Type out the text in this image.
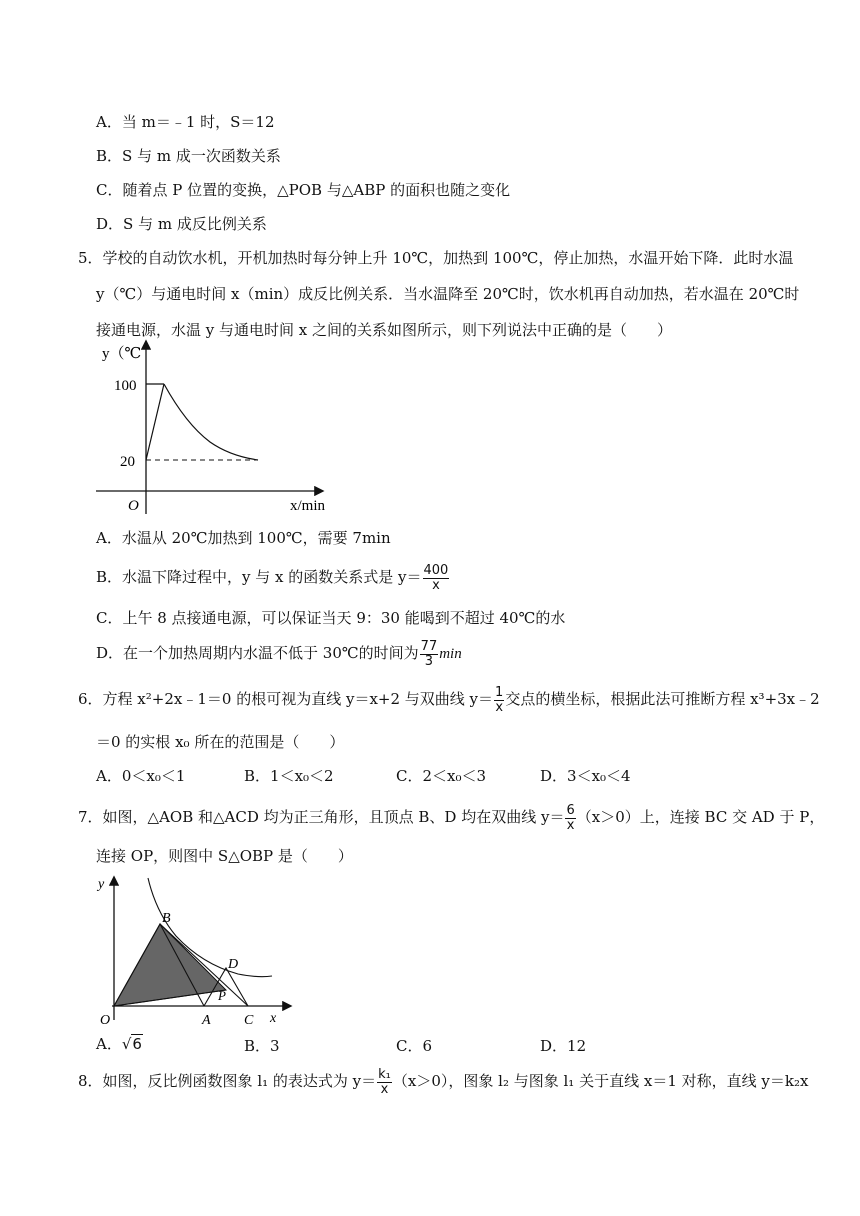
A．当 m＝﹣1 时，S＝12
B．S 与 m 成一次函数关系
C．随着点 P 位置的变换，△POB 与△ABP 的面积也随之变化
D．S 与 m 成反比例关系
5．学校的自动饮水机，开机加热时每分钟上升 10℃，加热到 100℃，停止加热，水温开始下降．此时水温
y（℃）与通电时间 x（min）成反比例关系．当水温降至 20℃时，饮水机再自动加热，若水温在 20℃时
接通电源，水温 y 与通电时间 x 之间的关系如图所示，则下列说法中正确的是（　　）
y（℃
100
20
O	x/min
A．水温从 20℃加热到 100℃，需要 7min
B．水温下降过程中，y 与 x 的函数关系式是 $y= \frac{400}{x}$
C．上午 8 点接通电源，可以保证当天 9：30 能喝到不超过 40℃的水
D．在一个加热周期内水温不低于 30℃的时间为 $\frac{77}{3}$ min
6．方程 x²+2x﹣1＝0 的根可视为直线 y＝x+2 与双曲线 $y= \frac{1}{x}$ 交点的横坐标，根据此法可推断方程 x³+3x﹣2
＝0 的实根 x₀ 所在的范围是（　　）
A．0＜x₀＜1	B．1＜x₀＜2	C．2＜x₀＜3	D．3＜x₀＜4
7．如图，△AOB 和△ACD 均为正三角形，且顶点 B、D 均在双曲线 $y= \frac{6}{x} (x>0)$上，连接 BC 交 AD 于 P，
连接 OP，则图中 S△OBP 是（　　）
y
B
D
P
O	A C x
A．√6	B．3	C．6	D．12
8．如图，反比例函数图象 l₁ 的表达式为 $y= \frac{\text{k₁}}{x} (x>0)$，图象 l₂ 与图象 l₁ 关于直线 x＝1 对称，直线 y＝k₂x
